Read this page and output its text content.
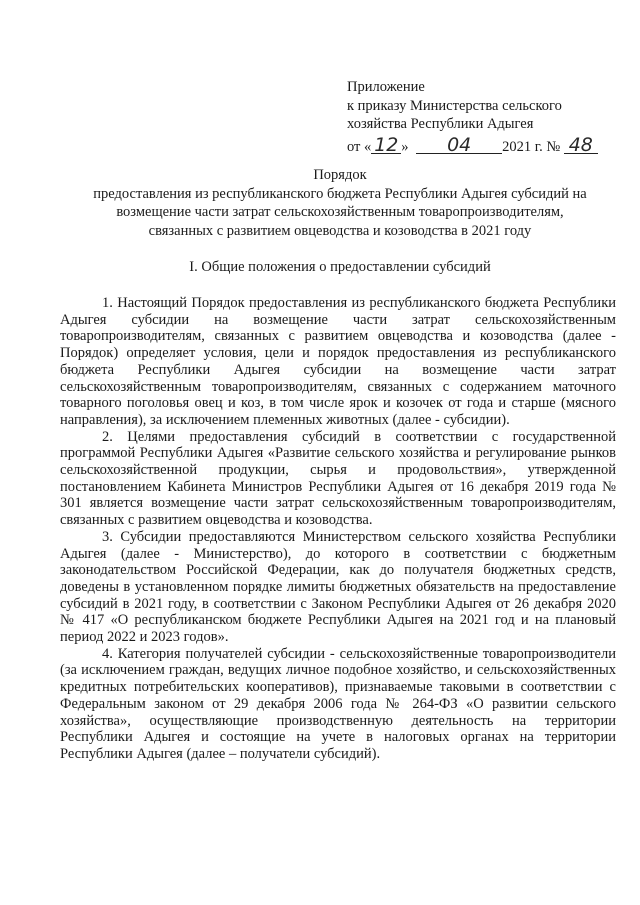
Приложение
к приказу Министерства сельского
хозяйства Республики Адыгея
от « 12 » 04 2021 г. № 48
Порядок
предоставления из республиканского бюджета Республики Адыгея субсидий на
возмещение части затрат сельскохозяйственным товаропроизводителям,
связанных с развитием овцеводства и козоводства в 2021 году
I. Общие положения о предоставлении субсидий

1. Настоящий Порядок предоставления из республиканского бюджета Республики Адыгея субсидии на возмещение части затрат сельскохозяйственным товаропроизводителям, связанных с развитием овцеводства и козоводства (далее - Порядок) определяет условия, цели и порядок предоставления из республиканского бюджета Республики Адыгея субсидии на возмещение части затрат сельскохозяйственным товаропроизводителям, связанных с содержанием маточного товарного поголовья овец и коз, в том числе ярок и козочек от года и старше (мясного направления), за исключением племенных животных (далее - субсидии).

2. Целями предоставления субсидий в соответствии с государственной программой Республики Адыгея «Развитие сельского хозяйства и регулирование рынков сельскохозяйственной продукции, сырья и продовольствия», утвержденной постановлением Кабинета Министров Республики Адыгея от 16 декабря 2019 года № 301 является возмещение части затрат сельскохозяйственным товаропроизводителям, связанных с развитием овцеводства и козоводства.

3. Субсидии предоставляются Министерством сельского хозяйства Республики Адыгея (далее - Министерство), до которого в соответствии с бюджетным законодательством Российской Федерации, как до получателя бюджетных средств, доведены в установленном порядке лимиты бюджетных обязательств на предоставление субсидий в 2021 году, в соответствии с Законом Республики Адыгея от 26 декабря 2020 № 417 «О республиканском бюджете Республики Адыгея на 2021 год и на плановый период 2022 и 2023 годов».

4. Категория получателей субсидии - сельскохозяйственные товаропроизводители (за исключением граждан, ведущих личное подобное хозяйство, и сельскохозяйственных кредитных потребительских кооперативов), признаваемые таковыми в соответствии с Федеральным законом от 29 декабря 2006 года № 264-ФЗ «О развитии сельского хозяйства», осуществляющие производственную деятельность на территории Республики Адыгея и состоящие на учете в налоговых органах на территории Республики Адыгея (далее – получатели субсидий).
